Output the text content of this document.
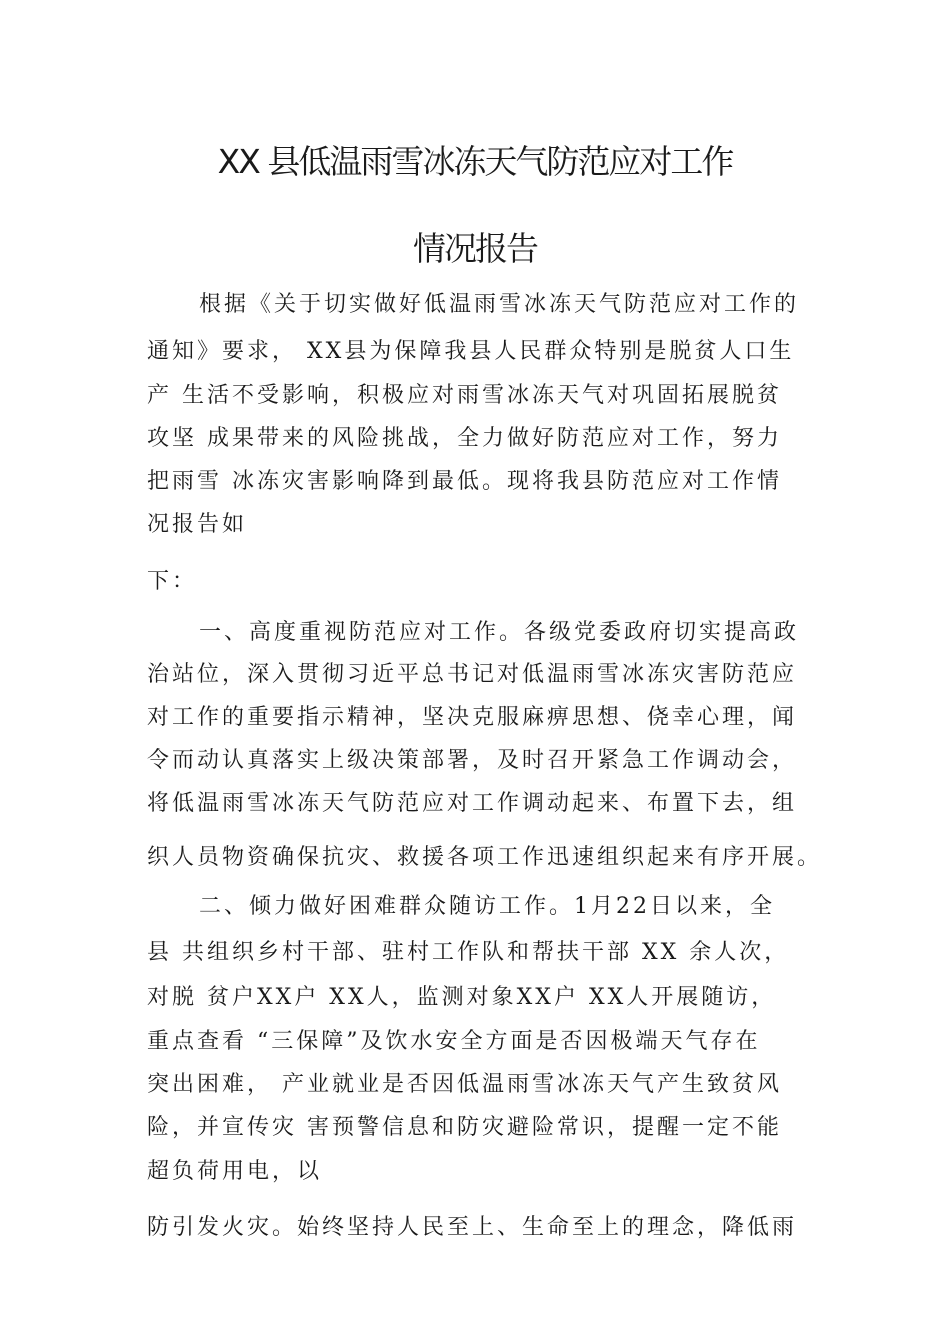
XX 县低温雨雪冰冻天气防范应对工作
情况报告
根据《关于切实做好低温雨雪冰冻天气防范应对工作的
通知》要求， XX县为保障我县人民群众特别是脱贫人口生
产 生活不受影响，积极应对雨雪冰冻天气对巩固拓展脱贫
攻坚 成果带来的风险挑战，全力做好防范应对工作，努力
把雨雪 冰冻灾害影响降到最低。现将我县防范应对工作情
况报告如
下：
一、高度重视防范应对工作。各级党委政府切实提高政
治站位，深入贯彻习近平总书记对低温雨雪冰冻灾害防范应
对工作的重要指示精神，坚决克服麻痹思想、侥幸心理，闻
令而动认真落实上级决策部署，及时召开紧急工作调动会，
将低温雨雪冰冻天气防范应对工作调动起来、布置下去，组
织人员物资确保抗灾、救援各项工作迅速组织起来有序开展。
二、倾力做好困难群众随访工作。1月22日以来，全
县 共组织乡村干部、驻村工作队和帮扶干部 XX 余人次，
对脱 贫户XX户 XX人，监测对象XX户 XX人开展随访，
重点查看 “三保障”及饮水安全方面是否因极端天气存在
突出困难， 产业就业是否因低温雨雪冰冻天气产生致贫风
险，并宣传灾 害预警信息和防灾避险常识，提醒一定不能
超负荷用电，以
防引发火灾。始终坚持人民至上、生命至上的理念，降低雨
